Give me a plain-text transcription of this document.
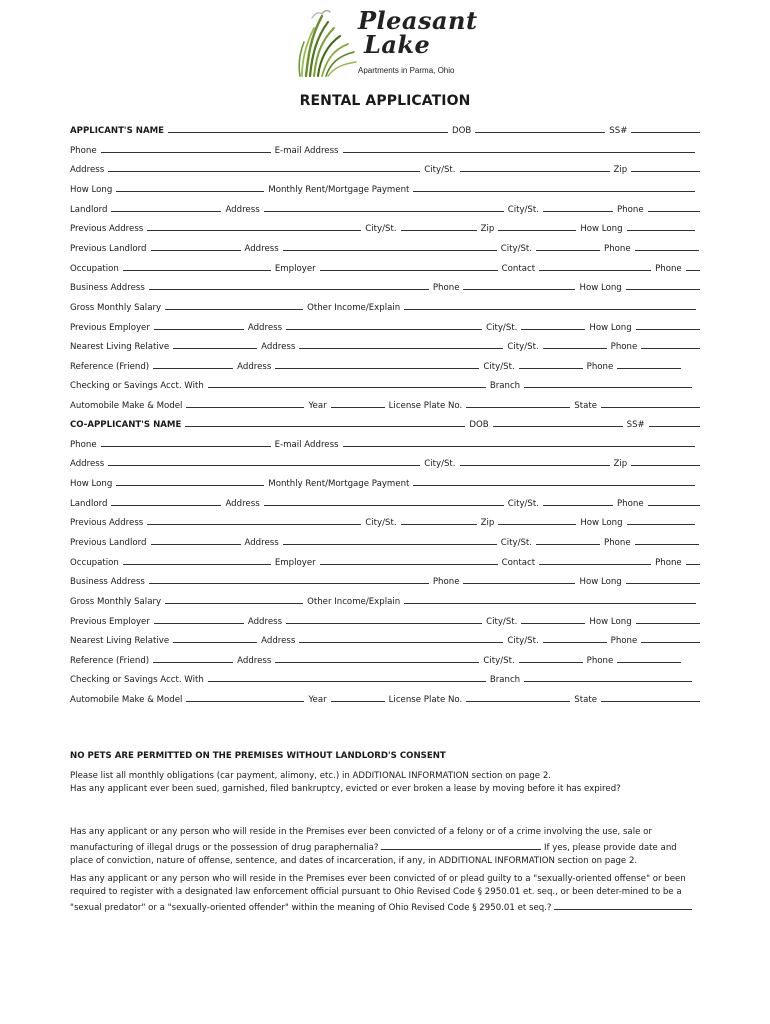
Pleasant
Lake
Apartments in Parma, Ohio
RENTAL APPLICATION
APPLICANT'S NAME	DOB	SS#
Phone	E-mail Address
Address	City/St.	Zip
How Long	Monthly Rent/Mortgage Payment
Landlord	Address	City/St.	Phone
Previous Address	City/St.	Zip	How Long
Previous Landlord	Address	City/St.	Phone
Occupation	Employer	Contact	Phone
Business Address	Phone	How Long
Gross Monthly Salary	Other Income/Explain
Previous Employer	Address	City/St.	How Long
Nearest Living Relative	Address	City/St.	Phone
Reference (Friend)	Address	City/St.	Phone
Checking or Savings Acct. With	Branch
Automobile Make & Model	Year	License Plate No.	State
CO-APPLICANT'S NAME	DOB	SS#
Phone	E-mail Address
Address	City/St.	Zip
How Long	Monthly Rent/Mortgage Payment
Landlord	Address	City/St.	Phone
Previous Address	City/St.	Zip	How Long
Previous Landlord	Address	City/St.	Phone
Occupation	Employer	Contact	Phone
Business Address	Phone	How Long
Gross Monthly Salary	Other Income/Explain
Previous Employer	Address	City/St.	How Long
Nearest Living Relative	Address	City/St.	Phone
Reference (Friend)	Address	City/St.	Phone
Checking or Savings Acct. With	Branch
Automobile Make & Model	Year	License Plate No.	State

NO PETS ARE PERMITTED ON THE PREMISES WITHOUT LANDLORD'S CONSENT
Please list all monthly obligations (car payment, alimony, etc.) in ADDITIONAL INFORMATION section on page 2.
Has any applicant ever been sued, garnished, filed bankruptcy, evicted or ever broken a lease by moving before it has expired?

Has any applicant or any person who will reside in the Premises ever been convicted of a felony or of a crime involving the use, sale or manufacturing of illegal drugs or the possession of drug paraphernalia?	If yes, please provide date and place of conviction, nature of offense, sentence, and dates of incarceration, if any, in ADDITIONAL INFORMATION section on page 2.
Has any applicant or any person who will reside in the Premises ever been convicted of or plead guilty to a "sexually-oriented offense" or been required to register with a designated law enforcement official pursuant to Ohio Revised Code § 2950.01 et. seq., or been deter-mined to be a "sexual predator" or a "sexually-oriented offender" within the meaning of Ohio Revised Code § 2950.01 et seq.?
